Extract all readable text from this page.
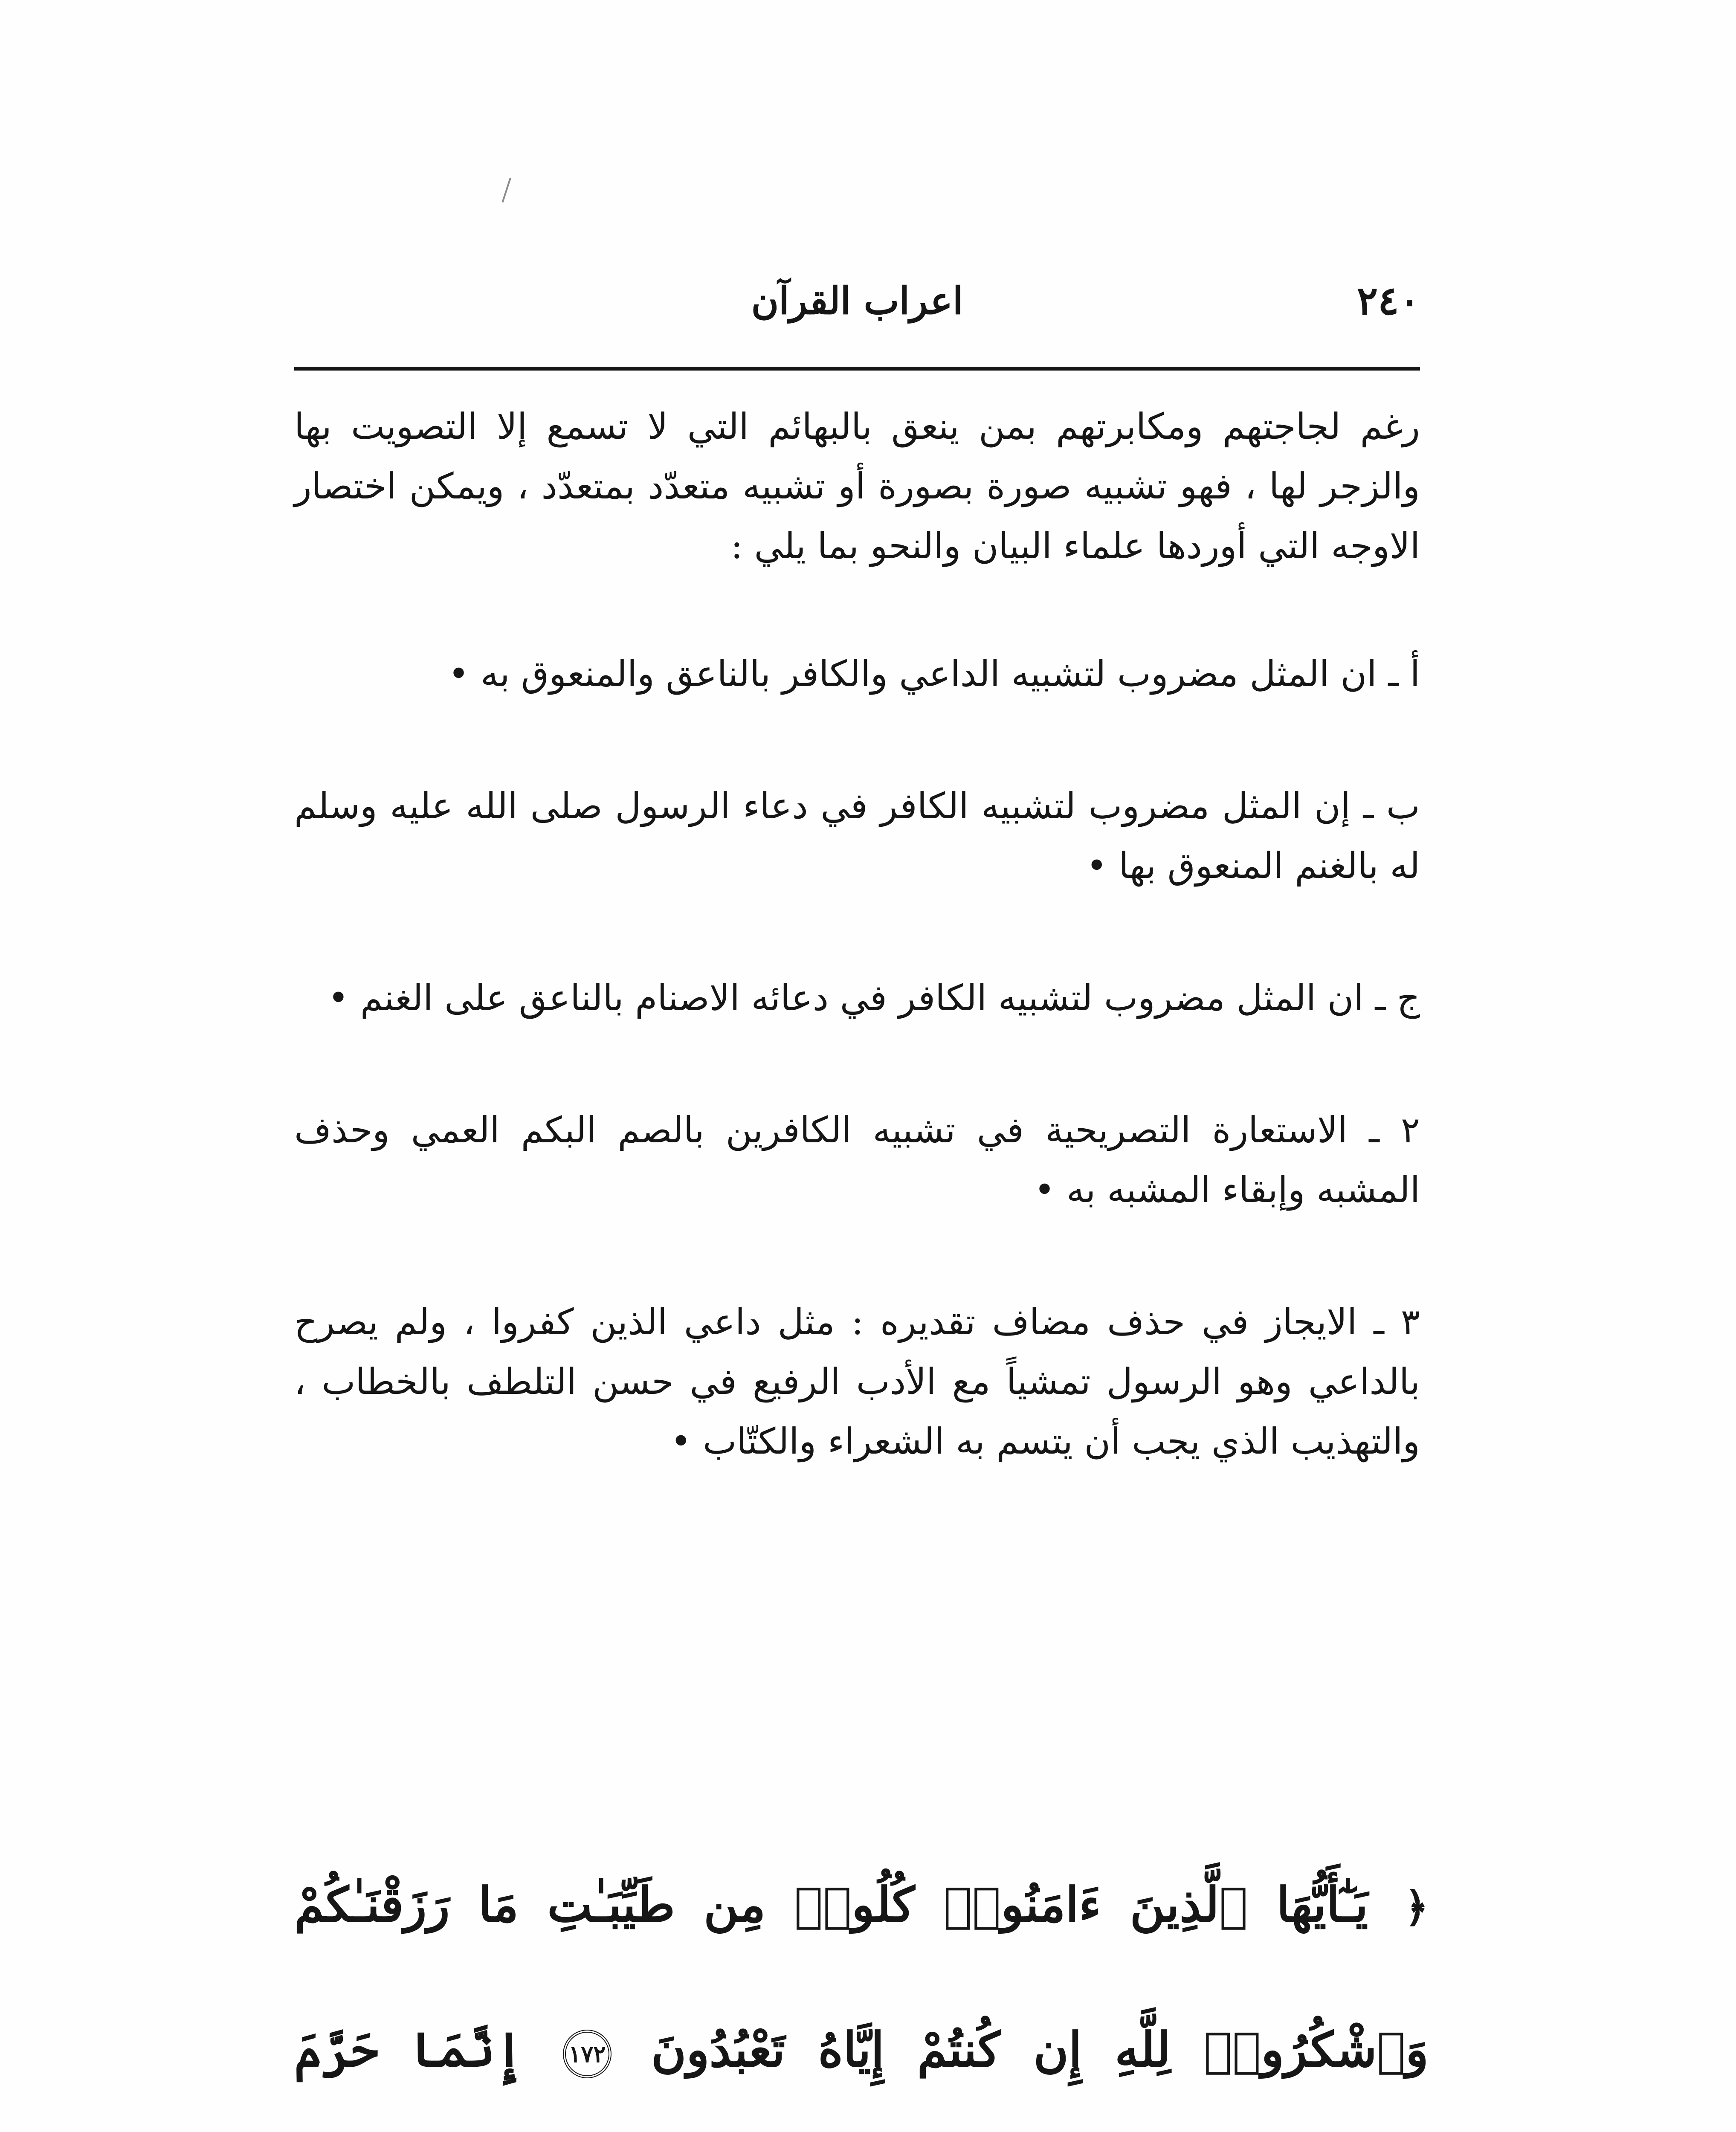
٢٤٠
اعراب القرآن

رغم لجاجتهم ومكابرتهم بمن ينعق بالبهائم التي لا تسمع إلا التصويت بها والزجر لها ، فهو تشبيه صورة بصورة أو تشبيه متعدّد بمتعدّد ، ويمكن اختصار الاوجه التي أوردها علماء البيان والنحو بما يلي :

أ ـ ان المثل مضروب لتشبيه الداعي والكافر بالناعق والمنعوق به •

ب ـ إن المثل مضروب لتشبيه الكافر في دعاء الرسول صلى الله عليه وسلم له بالغنم المنعوق بها •

ج ـ ان المثل مضروب لتشبيه الكافر في دعائه الاصنام بالناعق على الغنم •

٢ ـ الاستعارة التصريحية في تشبيه الكافرين بالصم البكم العمي وحذف المشبه وإبقاء المشبه به •

٣ ـ الايجاز في حذف مضاف تقديره : مثل داعي الذين كفروا ، ولم يصرح بالداعي وهو الرسول تمشياً مع الأدب الرفيع في حسن التلطف بالخطاب ، والتهذيب الذي يجب أن يتسم به الشعراء والكتّاب •

﴿ يَـٰٓأَيُّهَا ٱلَّذِينَ ءَامَنُوا۟ كُلُوا۟ مِن طَيِّبَـٰتِ مَا رَزَقْنَـٰكُمْ وَٱشْكُرُوا۟ لِلَّهِ إِن كُنتُمْ إِيَّاهُ تَعْبُدُونَ ١٧٢ إِنَّمَا حَرَّمَ
